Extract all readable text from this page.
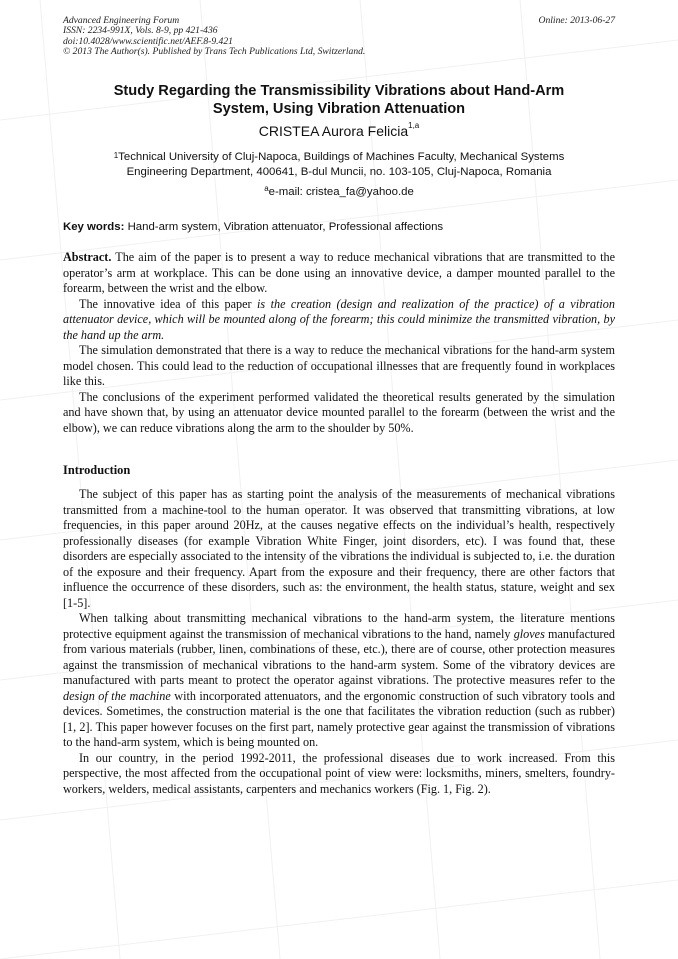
Advanced Engineering Forum
ISSN: 2234-991X, Vols. 8-9, pp 421-436
doi:10.4028/www.scientific.net/AEF.8-9.421
© 2013 The Author(s). Published by Trans Tech Publications Ltd, Switzerland.
Online: 2013-06-27
Study Regarding the Transmissibility Vibrations about Hand-Arm
System, Using Vibration Attenuation
CRISTEA Aurora Felicia$^{1,a}$
$^1$Technical University of Cluj-Napoca, Buildings of Machines Faculty, Mechanical Systems
Engineering Department, 400641, B-dul Muncii, no. 103-105, Cluj-Napoca, Romania
$^a$e-mail: cristea_fa@yahoo.de
Key words: Hand-arm system, Vibration attenuator, Professional affections

Abstract. The aim of the paper is to present a way to reduce mechanical vibrations that are transmitted to the operator’s arm at workplace. This can be done using an innovative device, a damper mounted parallel to the forearm, between the wrist and the elbow.

The innovative idea of this paper is the creation (design and realization of the practice) of a vibration attenuator device, which will be mounted along of the forearm; this could minimize the transmitted vibration, by the hand up the arm.

The simulation demonstrated that there is a way to reduce the mechanical vibrations for the hand-arm system model chosen. This could lead to the reduction of occupational illnesses that are frequently found in workplaces like this.

The conclusions of the experiment performed validated the theoretical results generated by the simulation and have shown that, by using an attenuator device mounted parallel to the forearm (between the wrist and the elbow), we can reduce vibrations along the arm to the shoulder by 50%.

Introduction

The subject of this paper has as starting point the analysis of the measurements of mechanical vibrations transmitted from a machine-tool to the human operator. It was observed that transmitting vibrations, at low frequencies, in this paper around 20Hz, at the causes negative effects on the individual’s health, respectively professionally diseases (for example Vibration White Finger, joint disorders, etc). I was found that, these disorders are especially associated to the intensity of the vibrations the individual is subjected to, i.e. the duration of the exposure and their frequency. Apart from the exposure and their frequency, there are other factors that influence the occurrence of these disorders, such as: the environment, the health status, stature, weight and sex [1-5].

When talking about transmitting mechanical vibrations to the hand-arm system, the literature mentions protective equipment against the transmission of mechanical vibrations to the hand, namely gloves manufactured from various materials (rubber, linen, combinations of these, etc.), there are of course, other protection measures against the transmission of mechanical vibrations to the hand-arm system. Some of the vibratory devices are manufactured with parts meant to protect the operator against vibrations. The protective measures refer to the design of the machine with incorporated attenuators, and the ergonomic construction of such vibratory tools and devices. Sometimes, the construction material is the one that facilitates the vibration reduction (such as rubber) [1, 2]. This paper however focuses on the first part, namely protective gear against the transmission of vibrations to the hand-arm system, which is being mounted on.

In our country, in the period 1992-2011, the professional diseases due to work increased. From this perspective, the most affected from the occupational point of view were: locksmiths, miners, smelters, foundry-workers, welders, medical assistants, carpenters and mechanics workers (Fig. 1, Fig. 2).
